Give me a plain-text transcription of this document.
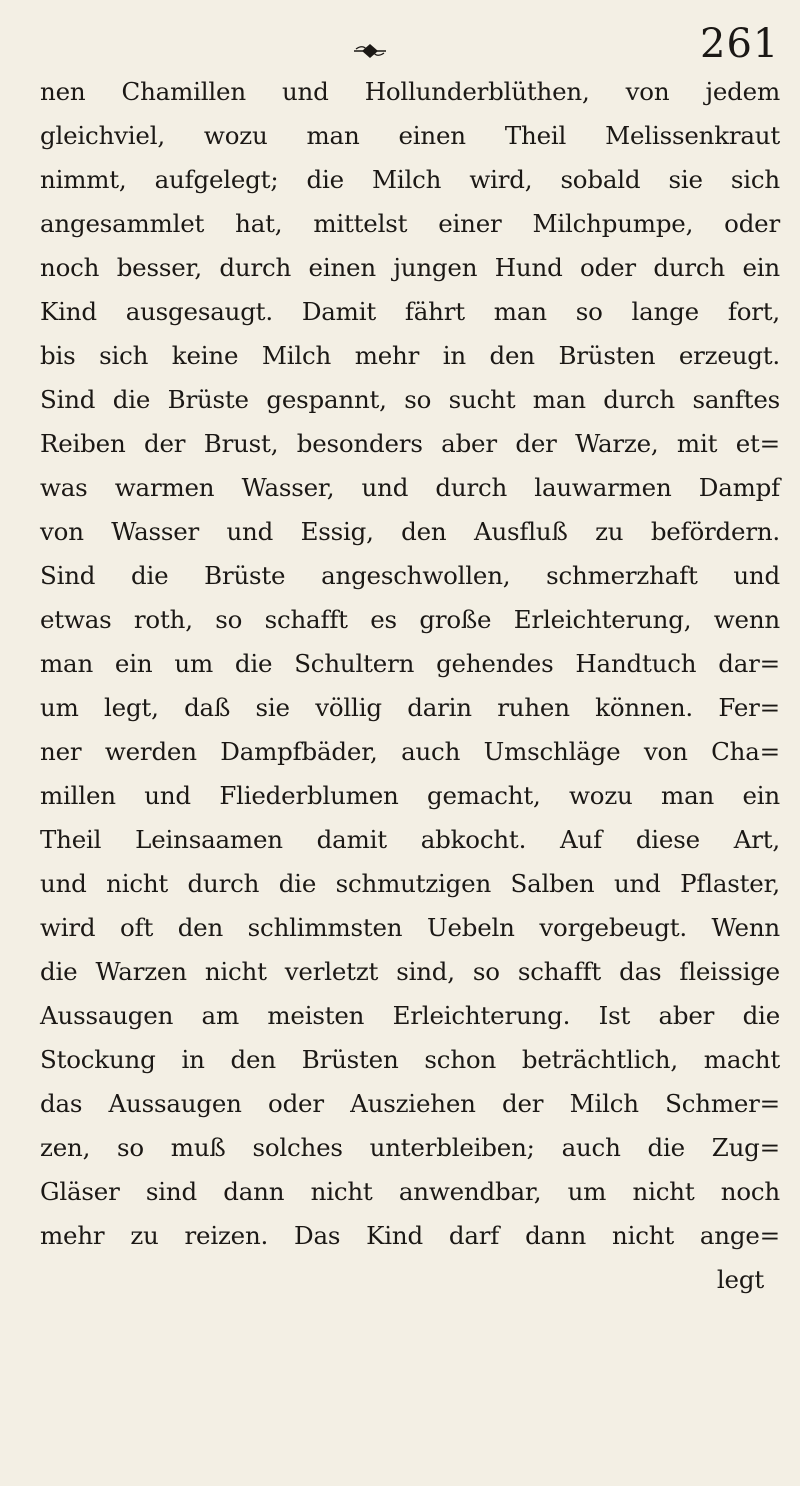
261
nen Chamillen und Hollunderblüthen, von jedem
gleichviel, wozu man einen Theil Melissenkraut
nimmt, aufgelegt; die Milch wird, sobald sie sich
angesammlet hat, mittelst einer Milchpumpe, oder
noch besser, durch einen jungen Hund oder durch ein
Kind ausgesaugt. Damit fährt man so lange fort,
bis sich keine Milch mehr in den Brüsten erzeugt.
Sind die Brüste gespannt, so sucht man durch sanftes
Reiben der Brust, besonders aber der Warze, mit et=
was warmen Wasser, und durch lauwarmen Dampf
von Wasser und Essig, den Ausfluß zu befördern.
Sind die Brüste angeschwollen, schmerzhaft und
etwas roth, so schafft es große Erleichterung, wenn
man ein um die Schultern gehendes Handtuch dar=
um legt, daß sie völlig darin ruhen können. Fer=
ner werden Dampfbäder, auch Umschläge von Cha=
millen und Fliederblumen gemacht, wozu man ein
Theil Leinsaamen damit abkocht. Auf diese Art,
und nicht durch die schmutzigen Salben und Pflaster,
wird oft den schlimmsten Uebeln vorgebeugt. Wenn
die Warzen nicht verletzt sind, so schafft das fleissige
Aussaugen am meisten Erleichterung. Ist aber die
Stockung in den Brüsten schon beträchtlich, macht
das Aussaugen oder Ausziehen der Milch Schmer=
zen, so muß solches unterbleiben; auch die Zug=
Gläser sind dann nicht anwendbar, um nicht noch
mehr zu reizen. Das Kind darf dann nicht ange=
legt
